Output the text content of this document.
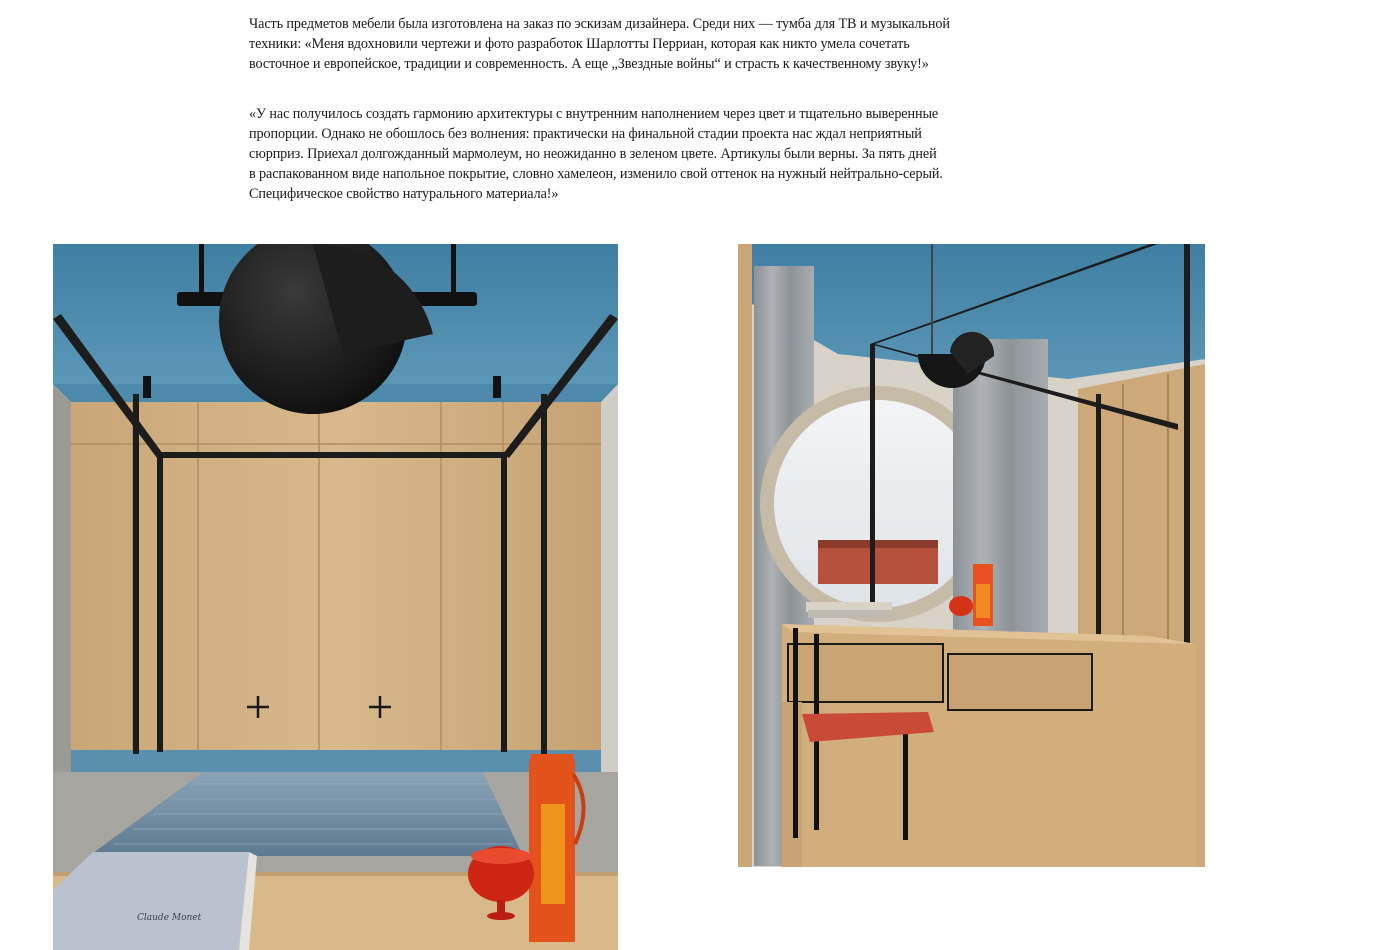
Часть предметов мебели была изготовлена на заказ по эскизам дизайнера. Среди них — тумба для ТВ и музыкальной
техники: «Меня вдохновили чертежи и фото разработок Шарлотты Перриан, которая как никто умела сочетать
восточное и европейское, традиции и современность. А еще „Звездные войны“ и страсть к качественному звуку!»
«У нас получилось создать гармонию архитектуры с внутренним наполнением через цвет и тщательно выверенные
пропорции. Однако не обошлось без волнения: практически на финальной стадии проекта нас ждал неприятный
сюрприз. Приехал долгожданный мармолеум, но неожиданно в зеленом цвете. Артикулы были верны. За пять дней
в распакованном виде напольное покрытие, словно хамелеон, изменило свой оттенок на нужный нейтрально-серый.
Специфическое свойство натурального материала!»
Claude Monet
